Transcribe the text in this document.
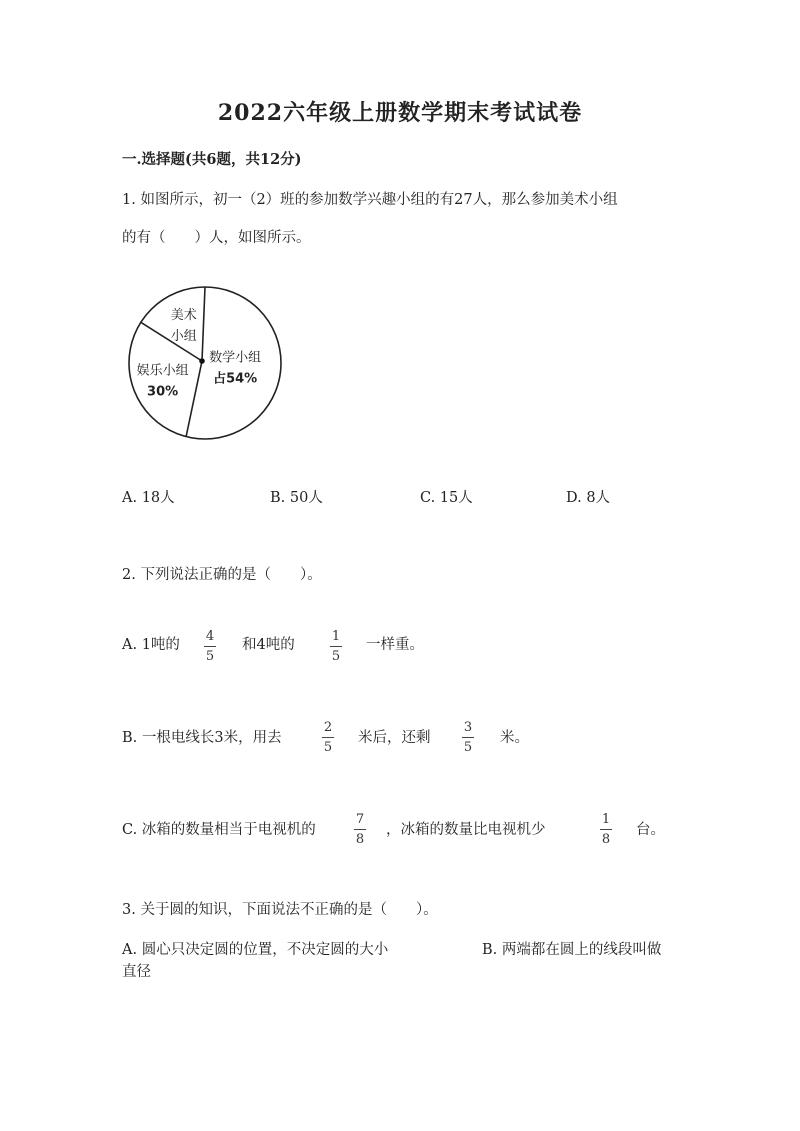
2022六年级上册数学期末考试试卷
一.选择题(共6题，共12分)
1. 如图所示，初一（2）班的参加数学兴趣小组的有27人，那么参加美术小组
的有（　　）人，如图所示。
数学小组
占54%
娱乐小组
30%
美术
小组
A. 18人	B. 50人	C. 15人	D. 8人
2. 下列说法正确的是（　　）。
A. 1吨的
4
5
和4吨的
1
5
一样重。
B. 一根电线长3米，用去
2
5
米后，还剩
3
5
米。
C. 冰箱的数量相当于电视机的
7
8
，冰箱的数量比电视机少
1
8
台。
3. 关于圆的知识，下面说法不正确的是（　　）。
A. 圆心只决定圆的位置，不决定圆的大小
直径
B. 两端都在圆上的线段叫做
